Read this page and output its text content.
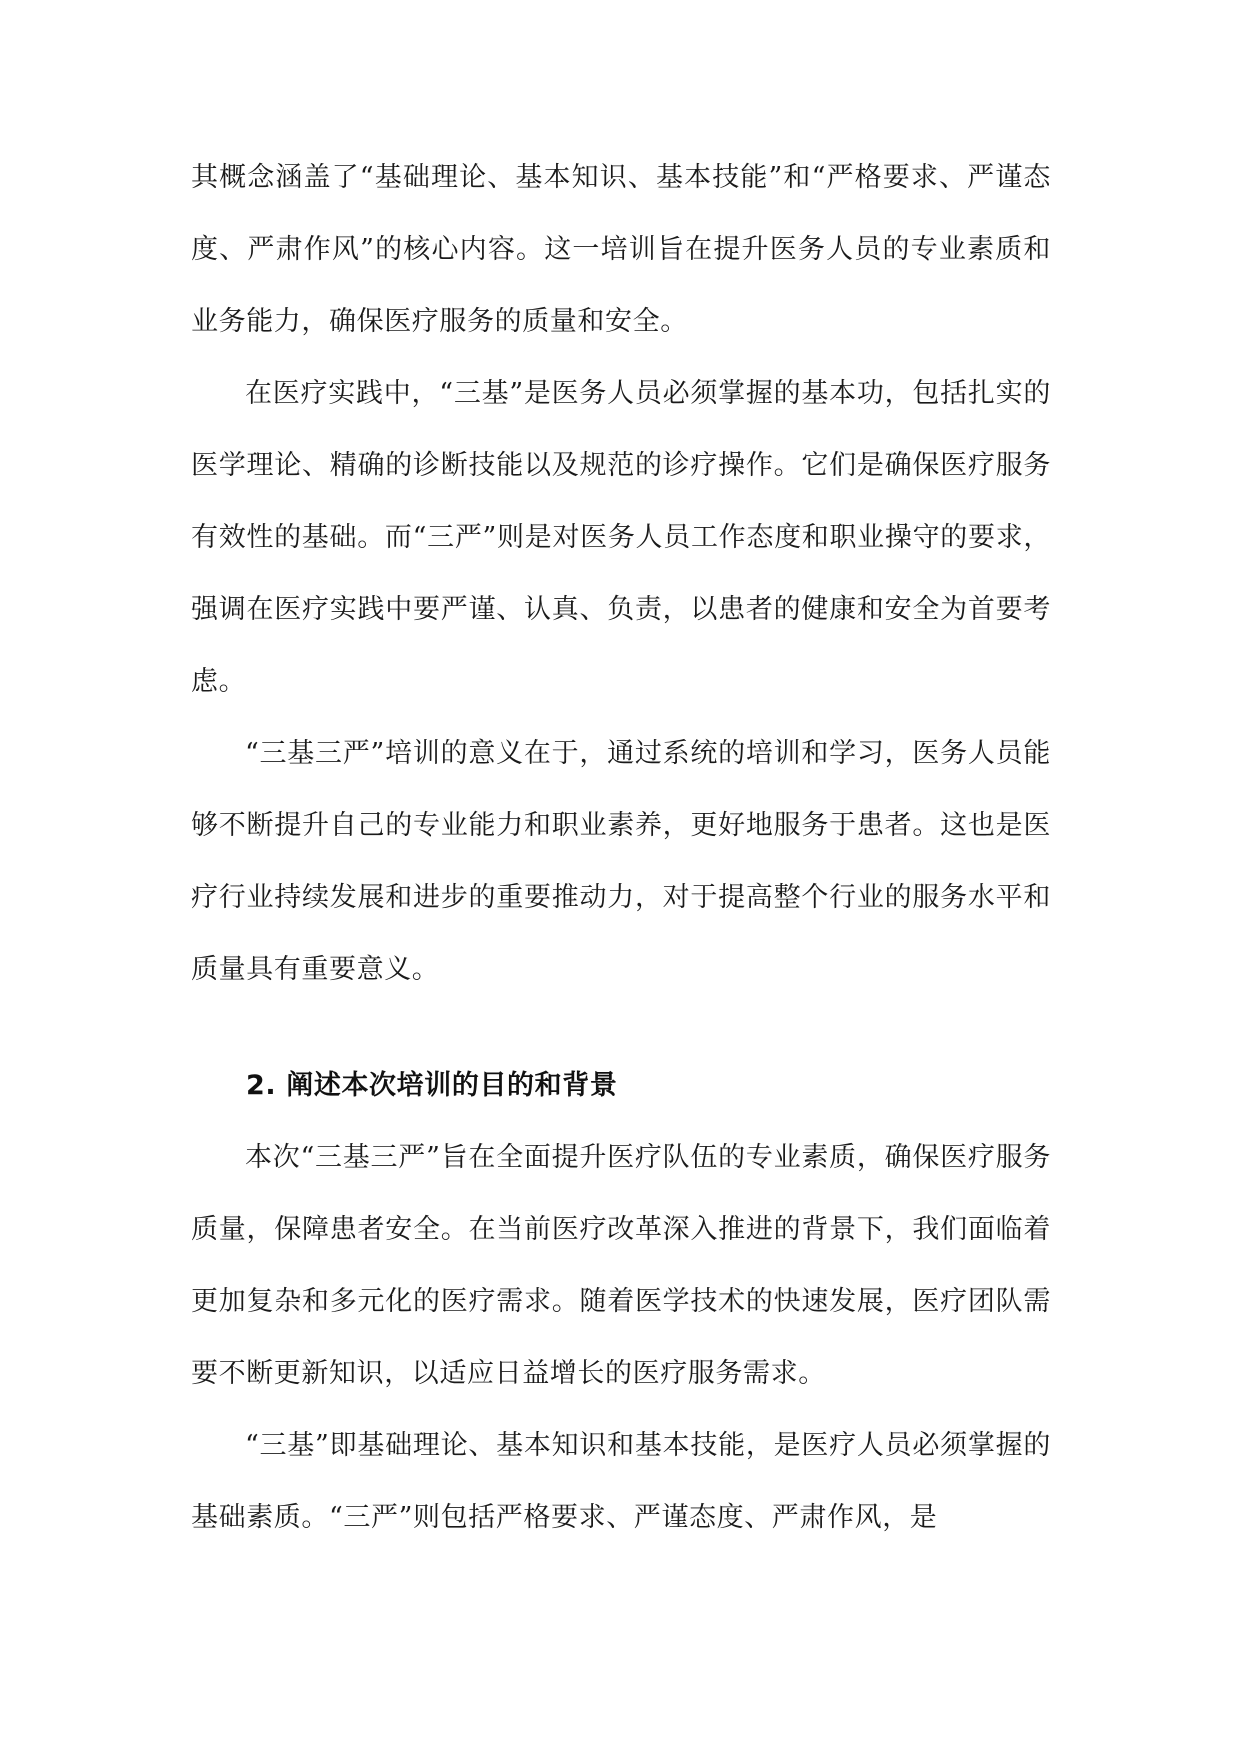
其概念涵盖了“基础理论、基本知识、基本技能”和“严格要求、严谨态度、严肃作风”的核心内容。这一培训旨在提升医务人员的专业素质和业务能力，确保医疗服务的质量和安全。

在医疗实践中，“三基”是医务人员必须掌握的基本功，包括扎实的医学理论、精确的诊断技能以及规范的诊疗操作。它们是确保医疗服务有效性的基础。而“三严”则是对医务人员工作态度和职业操守的要求，强调在医疗实践中要严谨、认真、负责，以患者的健康和安全为首要考虑。

“三基三严”培训的意义在于，通过系统的培训和学习，医务人员能够不断提升自己的专业能力和职业素养，更好地服务于患者。这也是医疗行业持续发展和进步的重要推动力，对于提高整个行业的服务水平和质量具有重要意义。

2. 阐述本次培训的目的和背景

本次“三基三严”旨在全面提升医疗队伍的专业素质，确保医疗服务质量，保障患者安全。在当前医疗改革深入推进的背景下，我们面临着更加复杂和多元化的医疗需求。随着医学技术的快速发展，医疗团队需要不断更新知识，以适应日益增长的医疗服务需求。

“三基”即基础理论、基本知识和基本技能，是医疗人员必须掌握的基础素质。“三严”则包括严格要求、严谨态度、严肃作风，是
